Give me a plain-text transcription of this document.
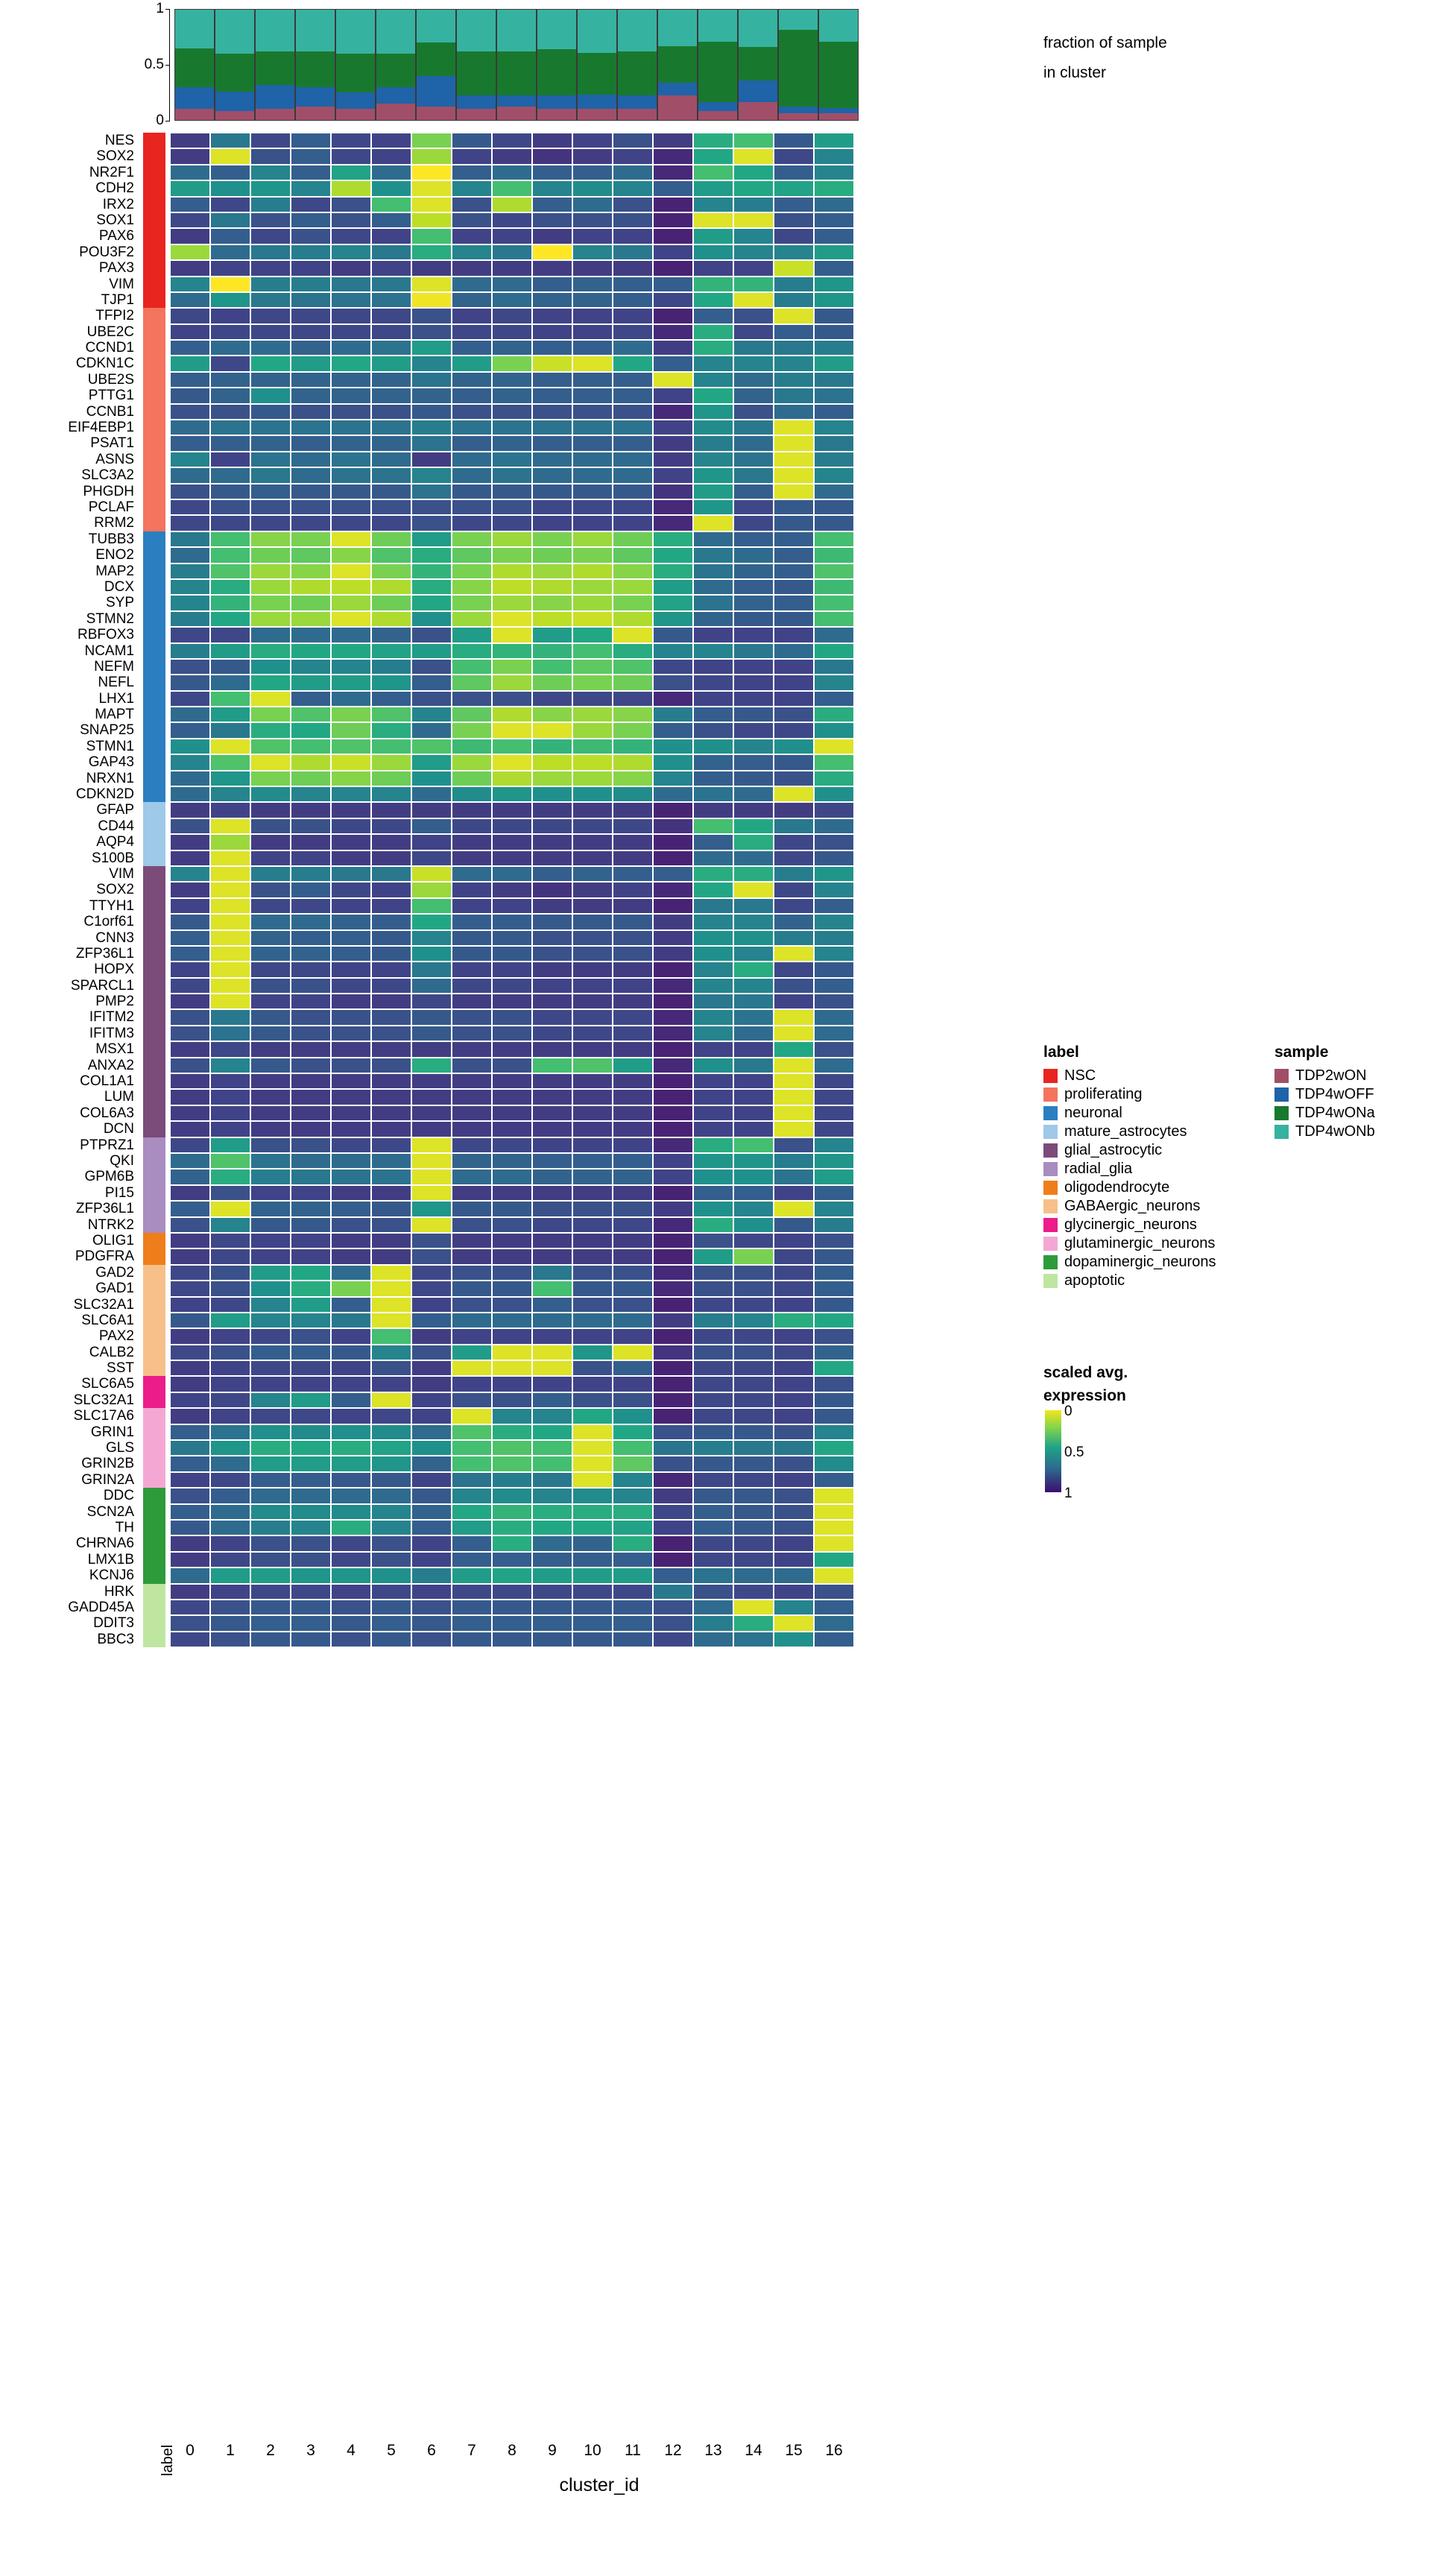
0
0.5
1
fraction of sample
in cluster
NES
SOX2
NR2F1
CDH2
IRX2
SOX1
PAX6
POU3F2
PAX3
VIM
TJP1
TFPI2
UBE2C
CCND1
CDKN1C
UBE2S
PTTG1
CCNB1
EIF4EBP1
PSAT1
ASNS
SLC3A2
PHGDH
PCLAF
RRM2
TUBB3
ENO2
MAP2
DCX
SYP
STMN2
RBFOX3
NCAM1
NEFM
NEFL
LHX1
MAPT
SNAP25
STMN1
GAP43
NRXN1
CDKN2D
GFAP
CD44
AQP4
S100B
VIM
SOX2
TTYH1
C1orf61
CNN3
ZFP36L1
HOPX
SPARCL1
PMP2
IFITM2
IFITM3
MSX1
ANXA2
COL1A1
LUM
COL6A3
DCN
PTPRZ1
QKI
GPM6B
PI15
ZFP36L1
NTRK2
OLIG1
PDGFRA
GAD2
GAD1
SLC32A1
SLC6A1
PAX2
CALB2
SST
SLC6A5
SLC32A1
SLC17A6
GRIN1
GLS
GRIN2B
GRIN2A
DDC
SCN2A
TH
CHRNA6
LMX1B
KCNJ6
HRK
GADD45A
DDIT3
BBC3
0	1	2	3	4	5	6	7	8	9	10	11	12	13	14	15	16
cluster_id
label
label
NSC
proliferating
neuronal
mature_astrocytes
glial_astrocytic
radial_glia
oligodendrocyte
GABAergic_neurons
glycinergic_neurons
glutaminergic_neurons
dopaminergic_neurons
apoptotic
sample
TDP2wON
TDP4wOFF
TDP4wONa
TDP4wONb
scaled avg.
expression
1
0.5
0
